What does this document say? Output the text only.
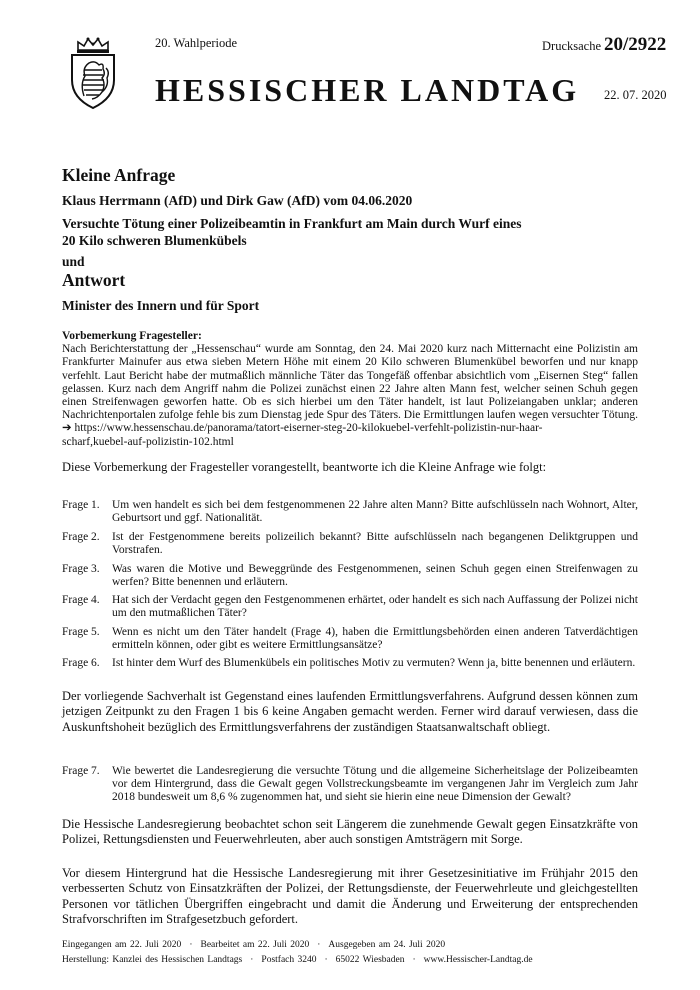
20. Wahlperiode	Drucksache 20/2922
HESSISCHER LANDTAG 22. 07. 2020
Kleine Anfrage
Klaus Herrmann (AfD) und Dirk Gaw (AfD) vom 04.06.2020
Versuchte Tötung einer Polizeibeamtin in Frankfurt am Main durch Wurf eines
20 Kilo schweren Blumenkübels
und
Antwort
Minister des Innern und für Sport

Vorbemerkung Fragesteller:

Nach Berichterstattung der „Hessenschau“ wurde am Sonntag, den 24. Mai 2020 kurz nach Mitternacht eine Polizistin am Frankfurter Mainufer aus etwa sieben Metern Höhe mit einem 20 Kilo schweren Blumenkübel beworfen und nur knapp verfehlt. Laut Bericht habe der mutmaßlich männliche Täter das Tongefäß offenbar absichtlich vom „Eisernen Steg“ fallen gelassen. Kurz nach dem Angriff nahm die Polizei zunächst einen 22 Jahre alten Mann fest, welcher seinen Schuh gegen einen Streifenwagen geworfen hatte. Ob es sich hierbei um den Täter handelt, ist laut Polizeiangaben unklar; anderen Nachrichtenportalen zufolge fehle bis zum Dienstag jede Spur des Täters. Die Ermittlungen laufen wegen versuchter Tötung.

➔ https://www.hessenschau.de/panorama/tatort-eiserner-steg-20-kilokuebel-verfehlt-polizistin-nur-haar-

scharf,kuebel-auf-polizistin-102.html

Diese Vorbemerkung der Fragesteller vorangestellt, beantworte ich die Kleine Anfrage wie folgt:
Frage 1.	Um wen handelt es sich bei dem festgenommenen 22 Jahre alten Mann? Bitte aufschlüsseln nach Wohnort, Alter, Geburtsort und ggf. Nationalität.
Frage 2.	Ist der Festgenommene bereits polizeilich bekannt? Bitte aufschlüsseln nach begangenen Deliktgruppen und Vorstrafen.
Frage 3.	Was waren die Motive und Beweggründe des Festgenommenen, seinen Schuh gegen einen Streifenwagen zu werfen? Bitte benennen und erläutern.
Frage 4.	Hat sich der Verdacht gegen den Festgenommenen erhärtet, oder handelt es sich nach Auffassung der Polizei nicht um den mutmaßlichen Täter?
Frage 5.	Wenn es nicht um den Täter handelt (Frage 4), haben die Ermittlungsbehörden einen anderen Tatverdächtigen ermitteln können, oder gibt es weitere Ermittlungsansätze?
Frage 6.	Ist hinter dem Wurf des Blumenkübels ein politisches Motiv zu vermuten? Wenn ja, bitte benennen und erläutern.

Der vorliegende Sachverhalt ist Gegenstand eines laufenden Ermittlungsverfahrens. Aufgrund dessen können zum jetzigen Zeitpunkt zu den Fragen 1 bis 6 keine Angaben gemacht werden. Ferner wird darauf verwiesen, dass die Auskunftshoheit bezüglich des Ermittlungsverfahrens der zuständigen Staatsanwaltschaft obliegt.

Frage 7.	Wie bewertet die Landesregierung die versuchte Tötung und die allgemeine Sicherheitslage der Polizeibeamten vor dem Hintergrund, dass die Gewalt gegen Vollstreckungsbeamte im vergangenen Jahr im Vergleich zum Jahr 2018 bundesweit um 8,6 % zugenommen hat, und sieht sie hierin eine neue Dimension der Gewalt?

Die Hessische Landesregierung beobachtet schon seit Längerem die zunehmende Gewalt gegen Einsatzkräfte von Polizei, Rettungsdiensten und Feuerwehrleuten, aber auch sonstigen Amtsträgern mit Sorge.

Vor diesem Hintergrund hat die Hessische Landesregierung mit ihrer Gesetzesinitiative im Frühjahr 2015 den verbesserten Schutz von Einsatzkräften der Polizei, der Rettungsdienste, der Feuerwehrleute und gleichgestellten Personen vor tätlichen Übergriffen eingebracht und damit die Änderung und Erweiterung der entsprechenden Strafvorschriften im Strafgesetzbuch gefordert.

Eingegangen am 22. Juli 2020 · Bearbeitet am 22. Juli 2020 · Ausgegeben am 24. Juli 2020
Herstellung: Kanzlei des Hessischen Landtags · Postfach 3240 · 65022 Wiesbaden · www.Hessischer-Landtag.de
